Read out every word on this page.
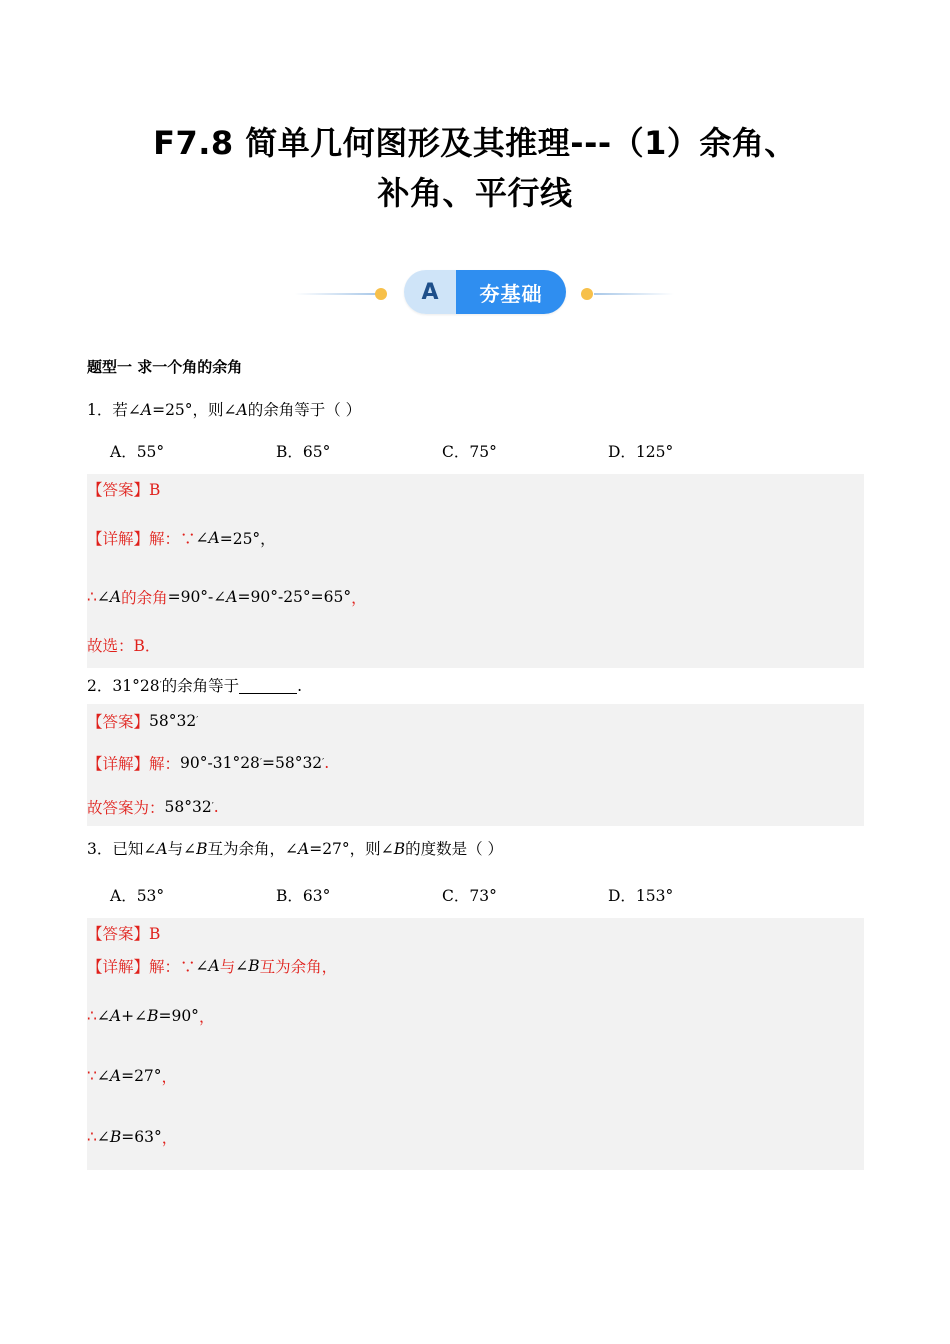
F7.8 简单几何图形及其推理---（1）余角、
补角、平行线
A	夯基础
题型一 求一个角的余角
1．若∠A=25°，则∠A的余角等于（ ）
A．55°	B．65°	C．75°	D．125°
【答案】B
【详解】解：∵ ∠ A =25°，
∴ ∠ A 的余角 =90°- ∠ A =90°-25°=65° ，
故选：B．
2． 31°28 ′ 的余角等于	.
【答案】 58°32 ′
【详解】解： 90°-31°28 ′ =58°32 ′ .
故答案为： 58°32 ′ .
3．已知∠A与∠B互为余角，∠A=27°，则∠B的度数是（ ）
A．53°	B．63°	C．73°	D．153°
【答案】B
【详解】解：∵ ∠ A 与 ∠ B 互为余角，
∴ ∠ A + ∠ B =90° ，
∵ ∠ A =27° ，
∴ ∠ B =63° ，
